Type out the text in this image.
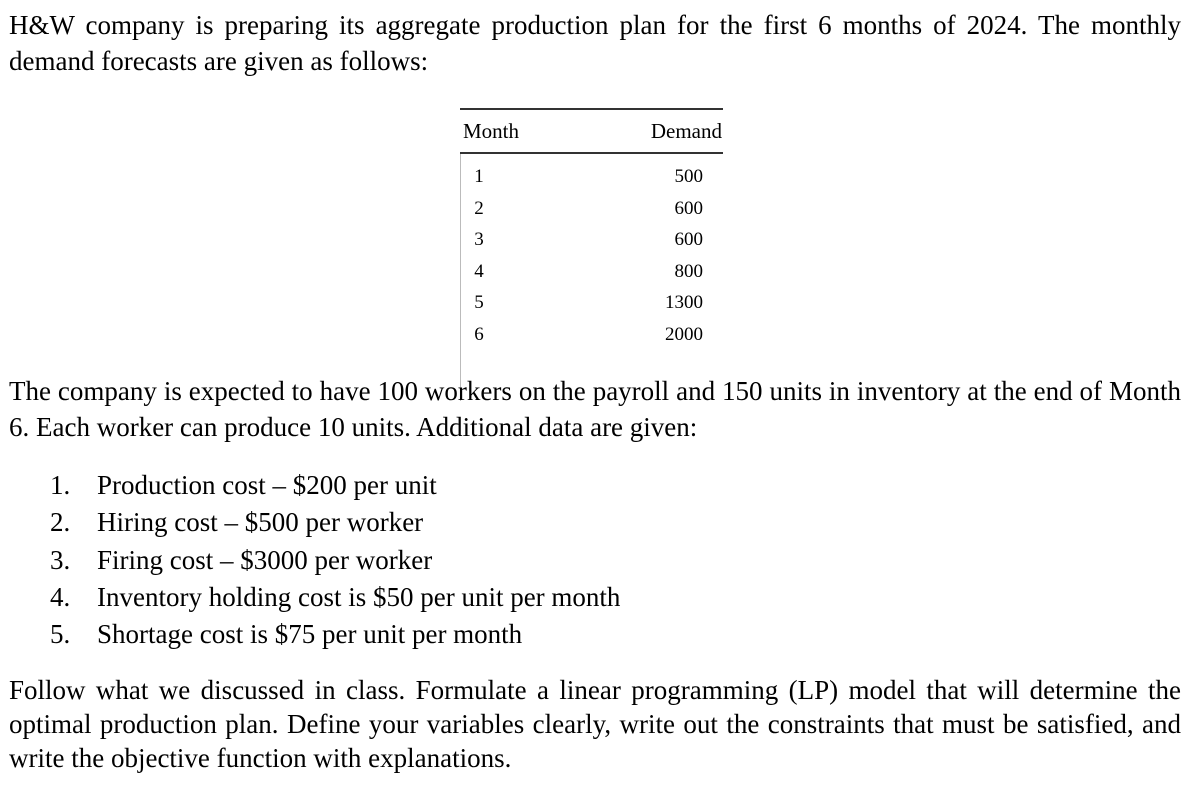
H&W company is preparing its aggregate production plan for the first 6 months of 2024. The monthly demand forecasts are given as follows:

Month	Demand
1	500
2	600
3	600
4	800
5	1300
6	2000

The company is expected to have 100 workers on the payroll and 150 units in inventory at the end of Month 6. Each worker can produce 10 units. Additional data are given:

1. Production cost – $200 per unit
2. Hiring cost – $500 per worker
3. Firing cost – $3000 per worker
4. Inventory holding cost is $50 per unit per month
5. Shortage cost is $75 per unit per month

Follow what we discussed in class. Formulate a linear programming (LP) model that will determine the optimal production plan. Define your variables clearly, write out the constraints that must be satisfied, and write the objective function with explanations.
